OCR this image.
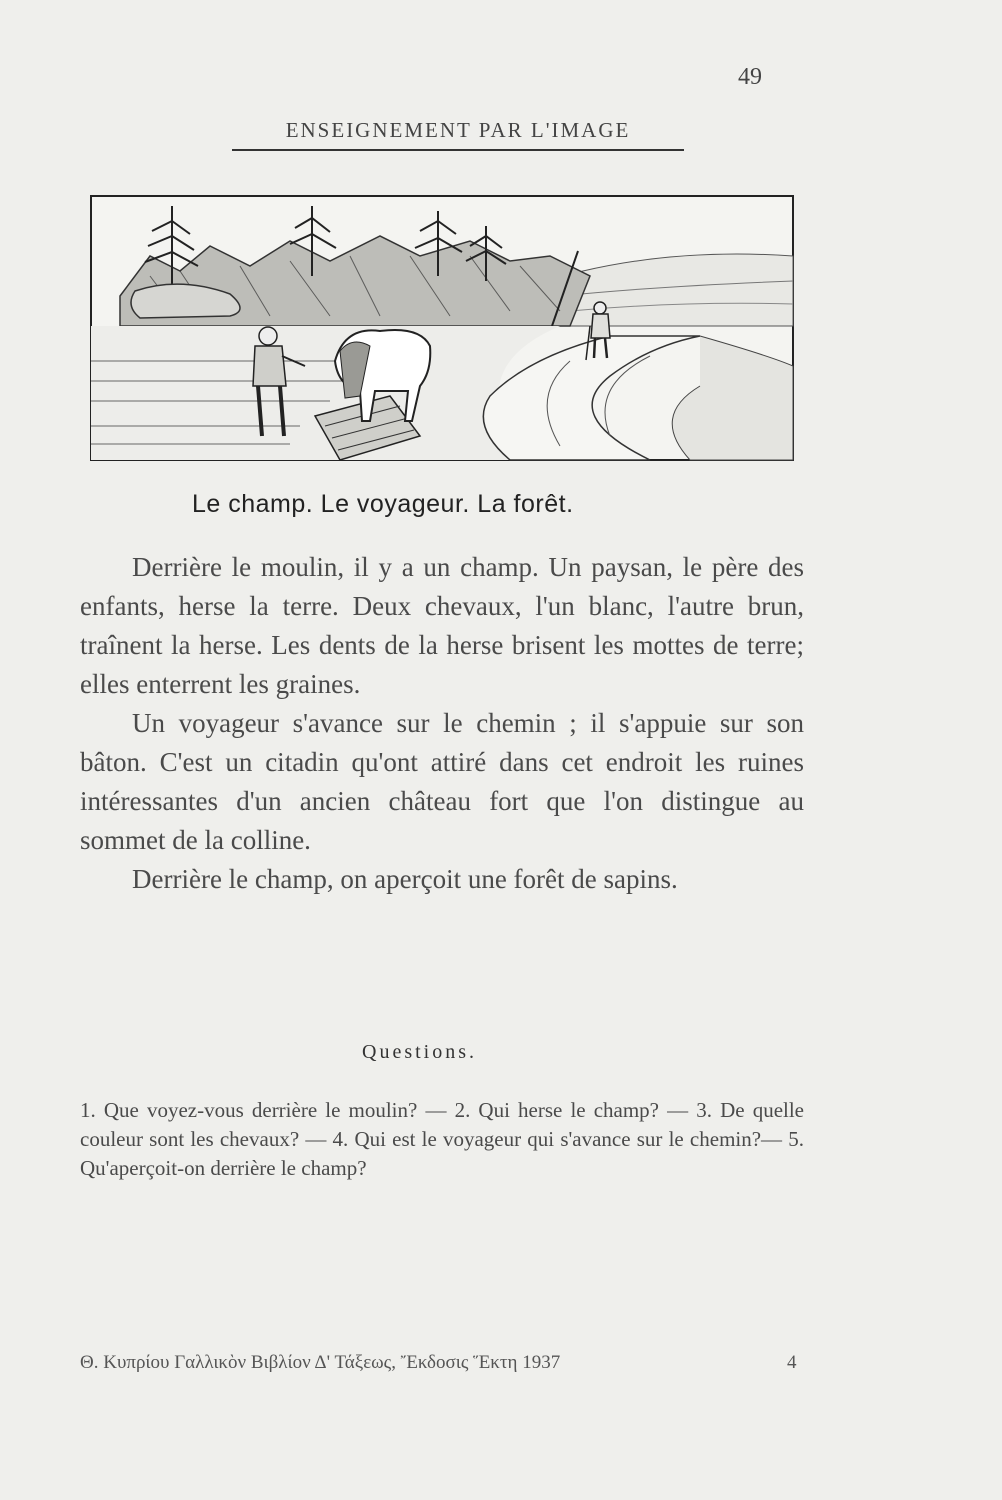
49
ENSEIGNEMENT PAR L'IMAGE
Le champ. Le voyageur. La forêt.

Derrière le moulin, il y a un champ. Un paysan, le père des enfants, herse la terre. Deux chevaux, l'un blanc, l'autre brun, traînent la herse. Les dents de la herse brisent les mottes de terre; elles enterrent les graines.

Un voyageur s'avance sur le chemin ; il s'appuie sur son bâton. C'est un citadin qu'ont attiré dans cet endroit les ruines intéressantes d'un ancien château fort que l'on distingue au sommet de la colline.

Derrière le champ, on aperçoit une forêt de sapins.

Questions.
1. Que voyez-vous derrière le moulin? — 2. Qui herse le champ? — 3. De quelle couleur sont les chevaux? — 4. Qui est le voyageur qui s'avance sur le chemin?— 5. Qu'aperçoit-on derrière le champ?
Θ. Κυπρίου Γαλλικὸν Βιβλίον Δ' Τάξεως, Ἔκδοσις Ἕκτη 1937	4
